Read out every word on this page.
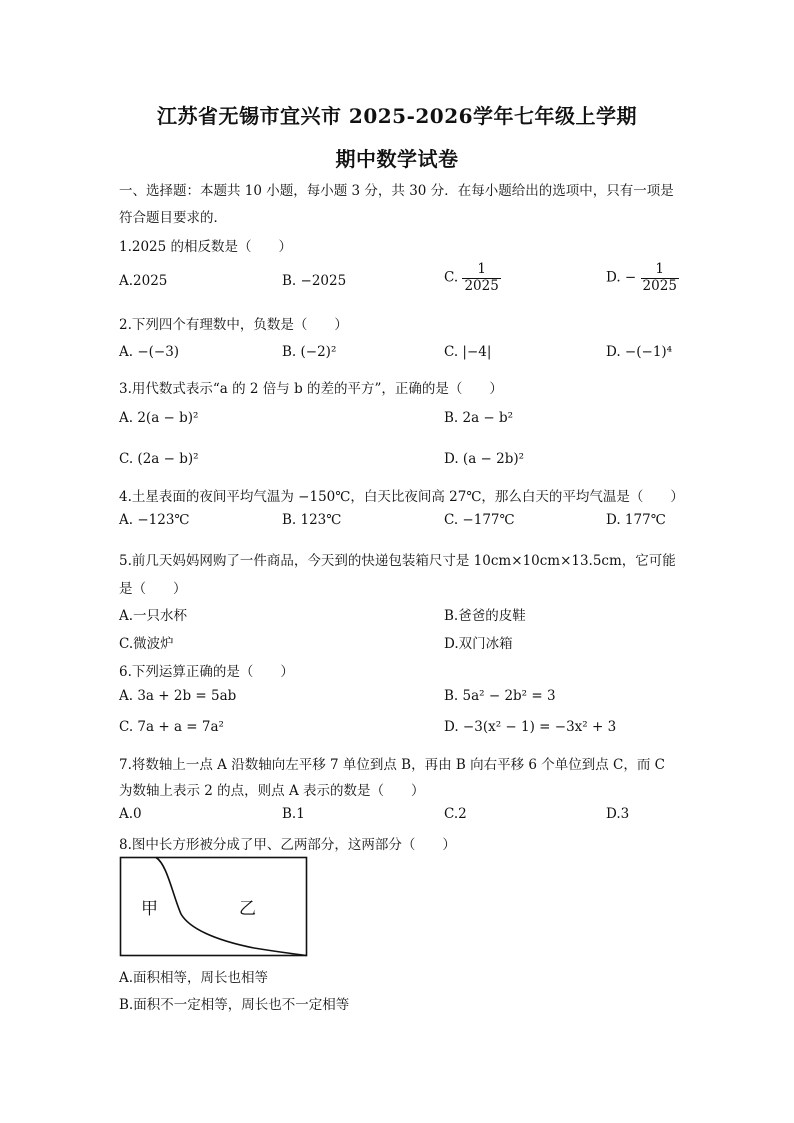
江苏省无锡市宜兴市 2025-2026学年七年级上学期
期中数学试卷
一、选择题：本题共 10 小题，每小题 3 分，共 30 分．在每小题给出的选项中，只有一项是
符合题目要求的．
1.2025 的相反数是（　　）
A.2025	B. −2025	C. $\frac{1}{2025}$	D. − $\frac{1}{2025}$
2.下列四个有理数中，负数是（　　）
A. −(−3)	B. (−2)²	C. |−4|	D. −(−1)⁴
3.用代数式表示“a 的 2 倍与 b 的差的平方”，正确的是（　　）
A. 2(a − b)²	B. 2a − b²
C. (2a − b)²	D. (a − 2b)²
4.土星表面的夜间平均气温为 −150℃，白天比夜间高 27℃，那么白天的平均气温是（　　）
A. −123℃	B. 123℃	C. −177℃	D. 177℃
5.前几天妈妈网购了一件商品，今天到的快递包装箱尺寸是 10cm×10cm×13.5cm，它可能
是（　　）
A.一只水杯	B.爸爸的皮鞋
C.微波炉	D.双门冰箱
6.下列运算正确的是（　　）
A. 3a + 2b = 5ab	B. 5a² − 2b² = 3
C. 7a + a = 7a²	D. −3(x² − 1) = −3x² + 3
7.将数轴上一点 A 沿数轴向左平移 7 单位到点 B，再由 B 向右平移 6 个单位到点 C，而 C
为数轴上表示 2 的点，则点 A 表示的数是（　　）
A.0	B.1	C.2	D.3
8.图中长方形被分成了甲、乙两部分，这两部分（　　）
甲	乙
A.面积相等，周长也相等
B.面积不一定相等，周长也不一定相等
